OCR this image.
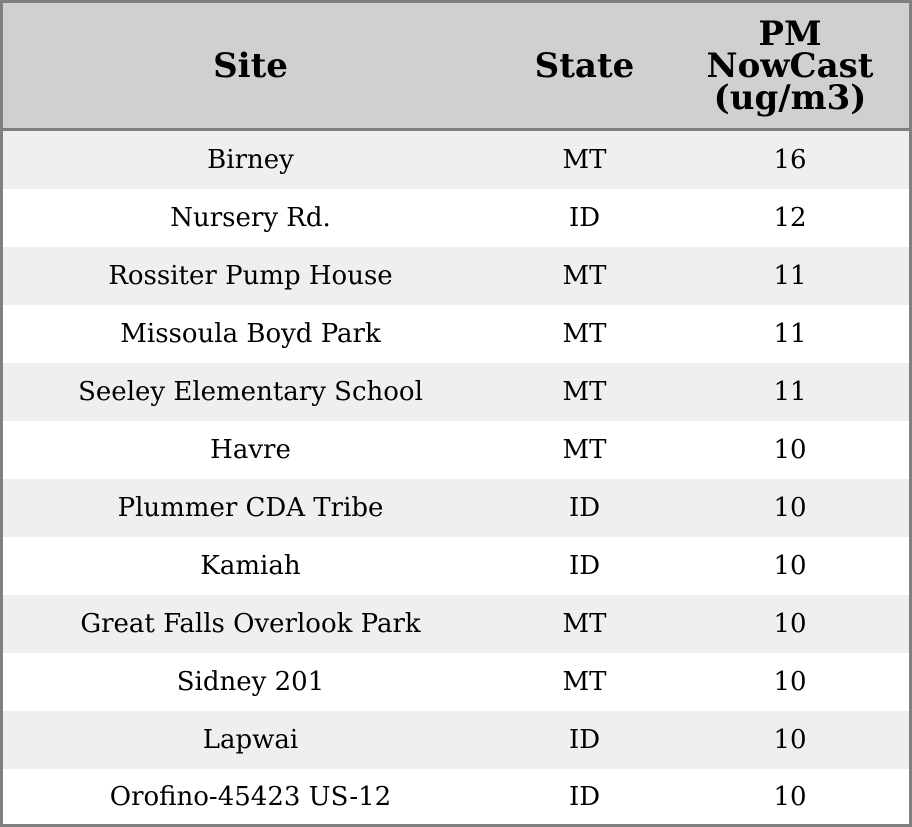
Site	State	PM
NowCast
(ug/m3)

Birney	MT	16
Nursery Rd.	ID	12
Rossiter Pump House	MT	11
Missoula Boyd Park	MT	11
Seeley Elementary School	MT	11
Havre	MT	10
Plummer CDA Tribe	ID	10
Kamiah	ID	10
Great Falls Overlook Park	MT	10
Sidney 201	MT	10
Lapwai	ID	10
Orofino-45423 US-12	ID	10
